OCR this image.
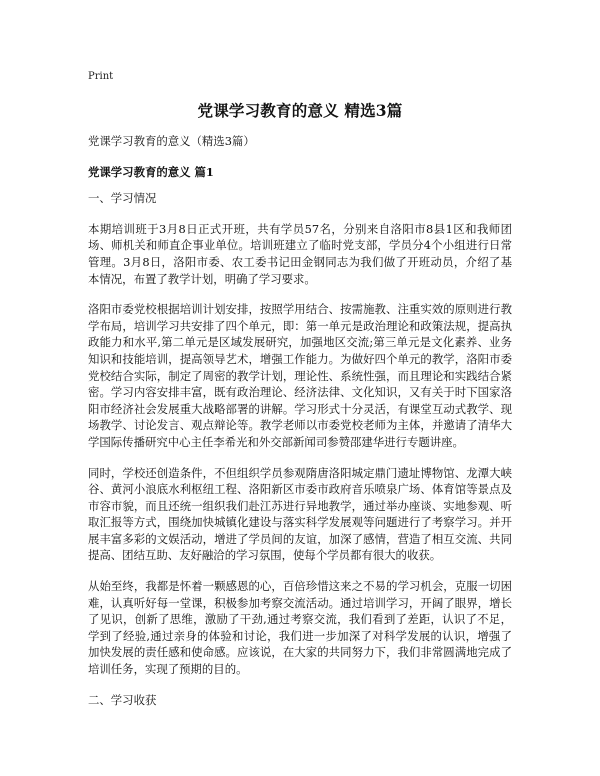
Print
党课学习教育的意义 精选3篇
党课学习教育的意义（精选3篇）
党课学习教育的意义 篇1
一、学习情况

本期培训班于3月8日正式开班，共有学员57名，分别来自洛阳市8县1区和我师团场、师机关和师直企事业单位。培训班建立了临时党支部，学员分4个小组进行日常管理。3月8日，洛阳市委、农工委书记田金钢同志为我们做了开班动员，介绍了基本情况，布置了教学计划，明确了学习要求。

洛阳市委党校根据培训计划安排，按照学用结合、按需施教、注重实效的原则进行教学布局，培训学习共安排了四个单元，即：第一单元是政治理论和政策法规，提高执政能力和水平,第二单元是区域发展研究，加强地区交流;第三单元是文化素养、业务知识和技能培训，提高领导艺术，增强工作能力。为做好四个单元的教学，洛阳市委党校结合实际，制定了周密的教学计划，理论性、系统性强，而且理论和实践结合紧密。学习内容安排丰富，既有政治理论、经济法律、文化知识，又有关于时下国家洛阳市经济社会发展重大战略部署的讲解。学习形式十分灵活，有课堂互动式教学、现场教学、讨论发言、观点辩论等。教学老师以市委党校老师为主体，并邀请了清华大学国际传播研究中心主任李希光和外交部新闻司参赞邵建华进行专题讲座。

同时，学校还创造条件，不但组织学员参观隋唐洛阳城定鼎门遗址博物馆、龙潭大峡谷、黄河小浪底水利枢纽工程、洛阳新区市委市政府音乐喷泉广场、体育馆等景点及市容市貌，而且还统一组织我们赴江苏进行异地教学，通过举办座谈、实地参观、听取汇报等方式，围绕加快城镇化建设与落实科学发展观等问题进行了考察学习。并开展丰富多彩的文娱活动，增进了学员间的友谊，加深了感情，营造了相互交流、共同提高、团结互助、友好融洽的学习氛围，使每个学员都有很大的收获。

从始至终，我都是怀着一颗感恩的心，百倍珍惜这来之不易的学习机会，克服一切困难，认真听好每一堂课，积极参加考察交流活动。通过培训学习，开阔了眼界，增长了见识，创新了思维，激励了干劲,通过考察交流，我们看到了差距，认识了不足，学到了经验,通过亲身的体验和讨论，我们进一步加深了对科学发展的认识，增强了加快发展的责任感和使命感。应该说，在大家的共同努力下，我们非常圆满地完成了培训任务，实现了预期的目的。

二、学习收获
